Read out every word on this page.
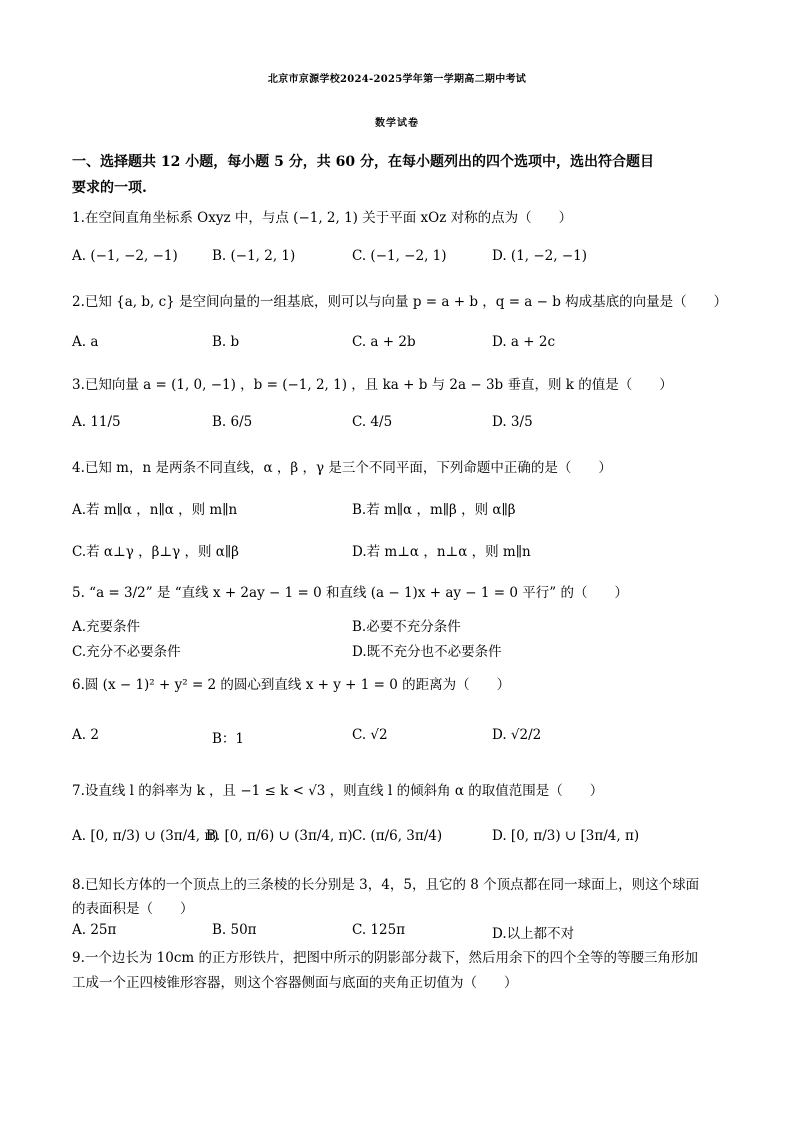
北京市京源学校2024-2025学年第一学期高二期中考试
数学试卷
一、选择题共 12 小题，每小题 5 分，共 60 分，在每小题列出的四个选项中，选出符合题目
要求的一项.
1.在空间直角坐标系 Oxyz 中，与点 (−1, 2, 1) 关于平面 xOz 对称的点为（　　）
A. (−1, −2, −1)	B. (−1, 2, 1)	C. (−1, −2, 1)	D. (1, −2, −1)
2.已知 {a, b, c} 是空间向量的一组基底，则可以与向量 p = a + b ，q = a − b 构成基底的向量是（　　）
A. a	B. b	C. a + 2b	D. a + 2c
3.已知向量 a = (1, 0, −1) ，b = (−1, 2, 1) ，且 ka + b 与 2a − 3b 垂直，则 k 的值是（　　）
A. 11/5	B. 6/5	C. 4/5	D. 3/5
4.已知 m，n 是两条不同直线，α ，β ，γ 是三个不同平面，下列命题中正确的是（　　）
A.若 m∥α ，n∥α ，则 m∥n	B.若 m∥α ，m∥β ，则 α∥β
C.若 α⊥γ ，β⊥γ ，则 α∥β	D.若 m⊥α ，n⊥α ，则 m∥n
5. “a = 3/2” 是 “直线 x + 2ay − 1 = 0 和直线 (a − 1)x + ay − 1 = 0 平行” 的（　　）
A.充要条件	B.必要不充分条件
C.充分不必要条件	D.既不充分也不必要条件
6.圆 (x − 1)² + y² = 2 的圆心到直线 x + y + 1 = 0 的距离为（　　）
A. 2	B：1	C. √2	D. √2/2
7.设直线 l 的斜率为 k ，且 −1 ≤ k < √3 ，则直线 l 的倾斜角 α 的取值范围是（　　）
A. [0, π/3) ∪ (3π/4, π)
B. [0, π/6) ∪ (3π/4, π) C. (π/6, 3π/4)	D. [0, π/3) ∪ [3π/4, π)
8.已知长方体的一个顶点上的三条棱的长分别是 3，4，5，且它的 8 个顶点都在同一球面上，则这个球面
的表面积是（　　）
A. 25π	B. 50π	C. 125π	D.以上都不对
9.一个边长为 10cm 的正方形铁片，把图中所示的阴影部分裁下，然后用余下的四个全等的等腰三角形加
工成一个正四棱锥形容器，则这个容器侧面与底面的夹角正切值为（　　）
